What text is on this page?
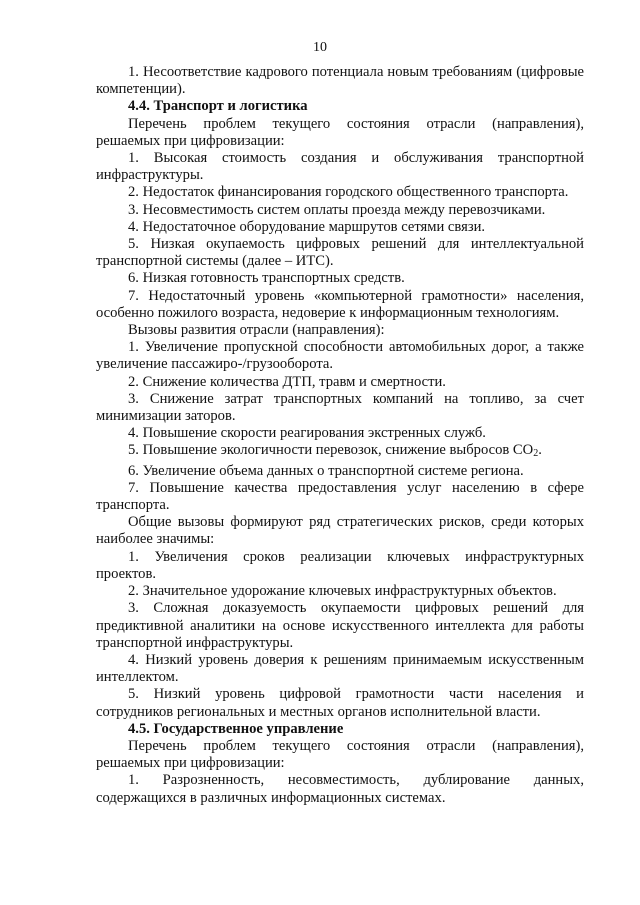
10

1. Несоответствие кадрового потенциала новым требованиям (цифровые компетенции).

4.4. Транспорт и логистика

Перечень проблем текущего состояния отрасли (направления), решаемых при цифровизации:

1. Высокая стоимость создания и обслуживания транспортной инфраструктуры.

2. Недостаток финансирования городского общественного транспорта.

3. Несовместимость систем оплаты проезда между перевозчиками.

4. Недостаточное оборудование маршрутов сетями связи.

5. Низкая окупаемость цифровых решений для интеллектуальной транспортной системы (далее – ИТС).

6. Низкая готовность транспортных средств.

7. Недостаточный уровень «компьютерной грамотности» населения, особенно пожилого возраста, недоверие к информационным технологиям.

Вызовы развития отрасли (направления):

1. Увеличение пропускной способности автомобильных дорог, а также увеличение пассажиро-/грузооборота.

2. Снижение количества ДТП, травм и смертности.

3. Снижение затрат транспортных компаний на топливо, за счет минимизации заторов.

4. Повышение скорости реагирования экстренных служб.

5. Повышение экологичности перевозок, снижение выбросов $CO_2$.

6. Увеличение объема данных о транспортной системе региона.

7. Повышение качества предоставления услуг населению в сфере транспорта.

Общие вызовы формируют ряд стратегических рисков, среди которых наиболее значимы:

1. Увеличения сроков реализации ключевых инфраструктурных проектов.

2. Значительное удорожание ключевых инфраструктурных объектов.

3. Сложная доказуемость окупаемости цифровых решений для предиктивной аналитики на основе искусственного интеллекта для работы транспортной инфраструктуры.

4. Низкий уровень доверия к решениям принимаемым искусственным интеллектом.

5. Низкий уровень цифровой грамотности части населения и сотрудников региональных и местных органов исполнительной власти.

4.5. Государственное управление

Перечень проблем текущего состояния отрасли (направления), решаемых при цифровизации:

1. Разрозненность, несовместимость, дублирование данных, содержащихся в различных информационных системах.
